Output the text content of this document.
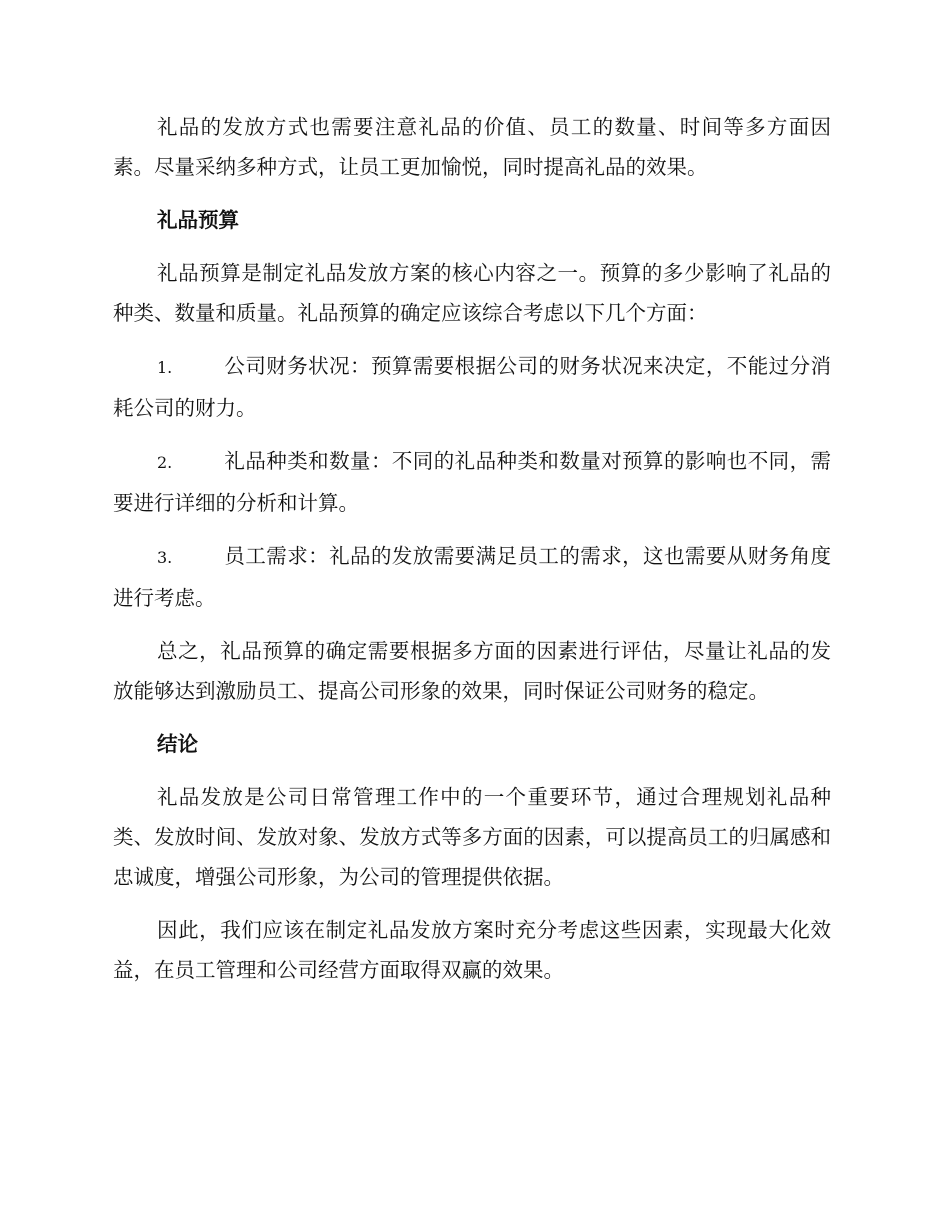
礼品的发放方式也需要注意礼品的价值、员工的数量、时间等多方面因素。尽量采纳多种方式，让员工更加愉悦，同时提高礼品的效果。

礼品预算

礼品预算是制定礼品发放方案的核心内容之一。预算的多少影响了礼品的种类、数量和质量。礼品预算的确定应该综合考虑以下几个方面：

1.	公司财务状况：预算需要根据公司的财务状况来决定，不能过分消耗公司的财力。
2.	礼品种类和数量：不同的礼品种类和数量对预算的影响也不同，需要进行详细的分析和计算。
3.	员工需求：礼品的发放需要满足员工的需求，这也需要从财务角度进行考虑。

总之，礼品预算的确定需要根据多方面的因素进行评估，尽量让礼品的发放能够达到激励员工、提高公司形象的效果，同时保证公司财务的稳定。

结论

礼品发放是公司日常管理工作中的一个重要环节，通过合理规划礼品种类、发放时间、发放对象、发放方式等多方面的因素，可以提高员工的归属感和忠诚度，增强公司形象，为公司的管理提供依据。

因此，我们应该在制定礼品发放方案时充分考虑这些因素，实现最大化效益，在员工管理和公司经营方面取得双赢的效果。
